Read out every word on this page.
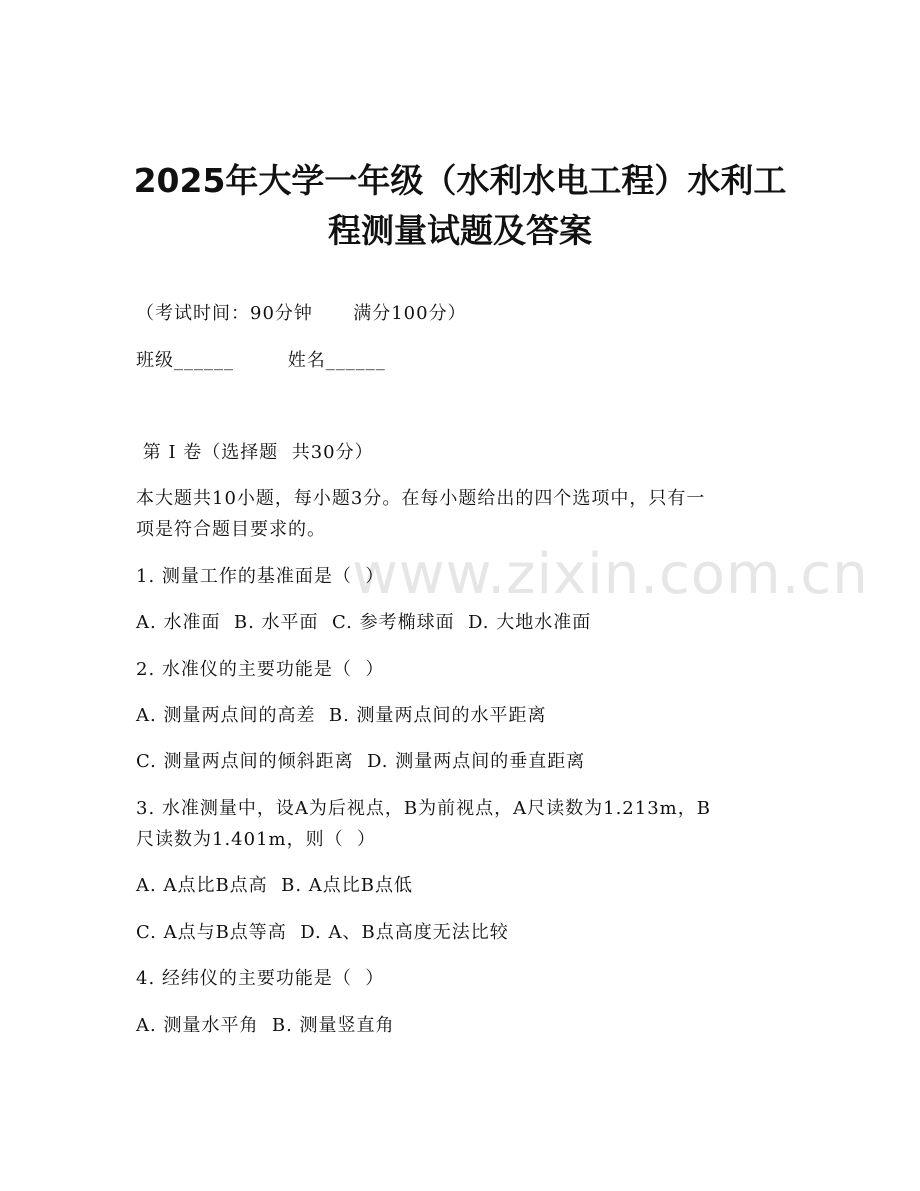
www.zixin.com.cn
2025年大学一年级（水利水电工程）水利工
程测量试题及答案
（考试时间：90分钟      满分100分）
班级______        姓名______
第 I 卷（选择题  共30分）
本大题共10小题，每小题3分。在每小题给出的四个选项中，只有一
项是符合题目要求的。
1. 测量工作的基准面是（  ）
A. 水准面  B. 水平面  C. 参考椭球面  D. 大地水准面
2. 水准仪的主要功能是（  ）
A. 测量两点间的高差  B. 测量两点间的水平距离
C. 测量两点间的倾斜距离  D. 测量两点间的垂直距离
3. 水准测量中，设A为后视点，B为前视点，A尺读数为1.213m，B
尺读数为1.401m，则（  ）
A. A点比B点高  B. A点比B点低
C. A点与B点等高  D. A、B点高度无法比较
4. 经纬仪的主要功能是（  ）
A. 测量水平角  B. 测量竖直角
